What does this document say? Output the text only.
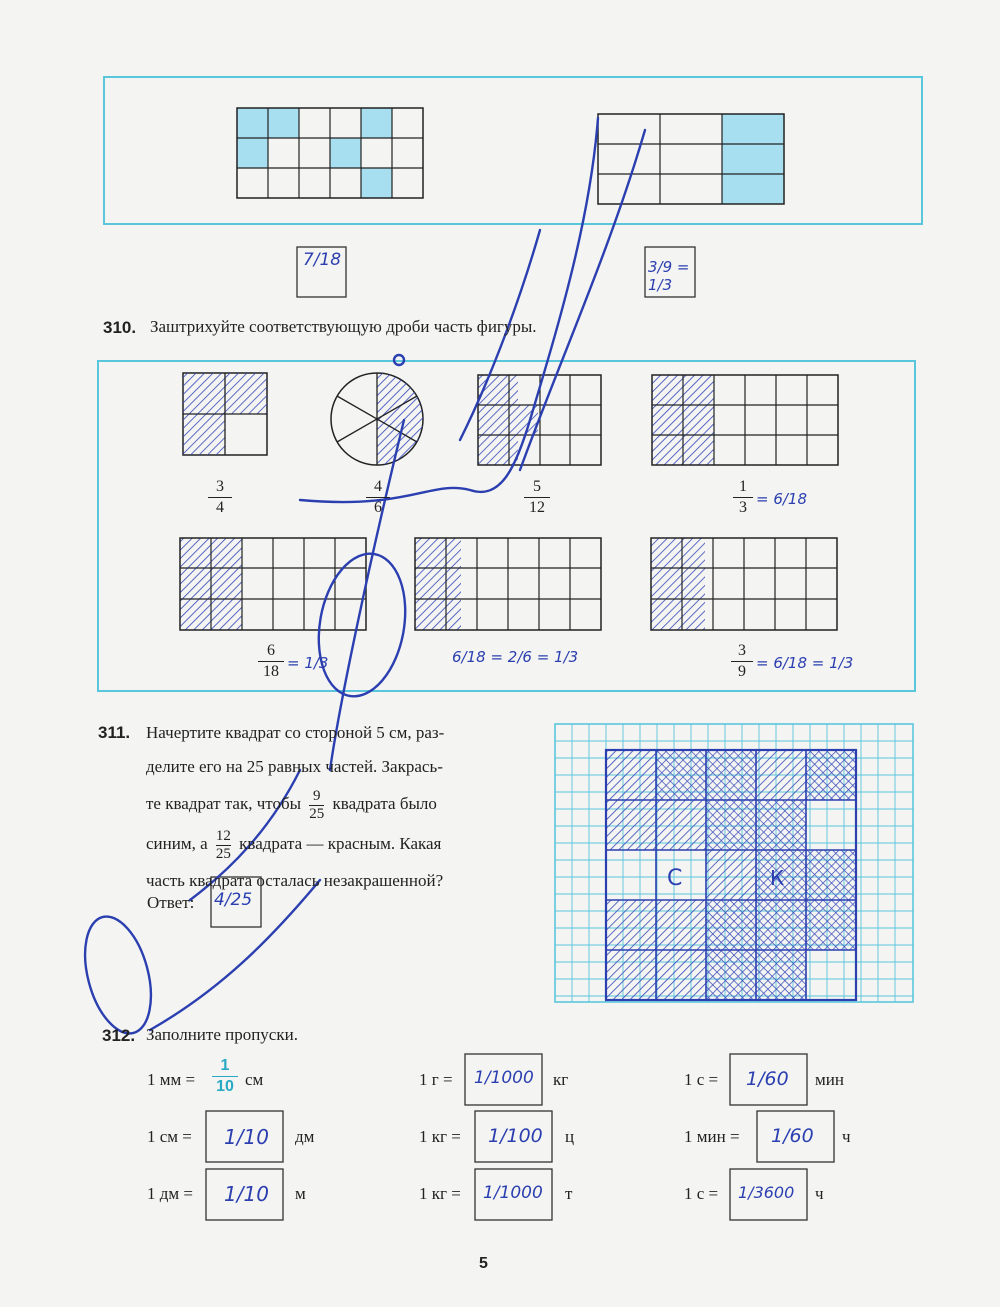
7/18	3/9 = 1/3
310. Заштрихуйте соответствующую дроби часть фигуры.
3
4
4
6
5
12
1
3 = 6/18
6
18 = 1/3	6/18 = 2/6 = 1/3	3
9 = 6/18 = 1/3
311. Начертите квадрат со стороной 5 см, раз-
делите его на 25 равных частей. Закрась-
те квадрат так, чтобы $\frac{9}{25}$ квадрата было
синим, а $\frac{12}{25}$ квадрата — красным. Какая
часть квадрата осталась незакрашенной?
Ответ: 4/25
С	К
312. Заполните пропуски.
1 мм =
1
10 см
1 см = 1/10 дм
1 дм = 1/10 м
1 г = 1/1000 кг
1 кг = 1/100 ц
1 кг = 1/1000 т
1 с = 1/60 мин
1 мин = 1/60 ч
1 с = 1/3600 ч
5
